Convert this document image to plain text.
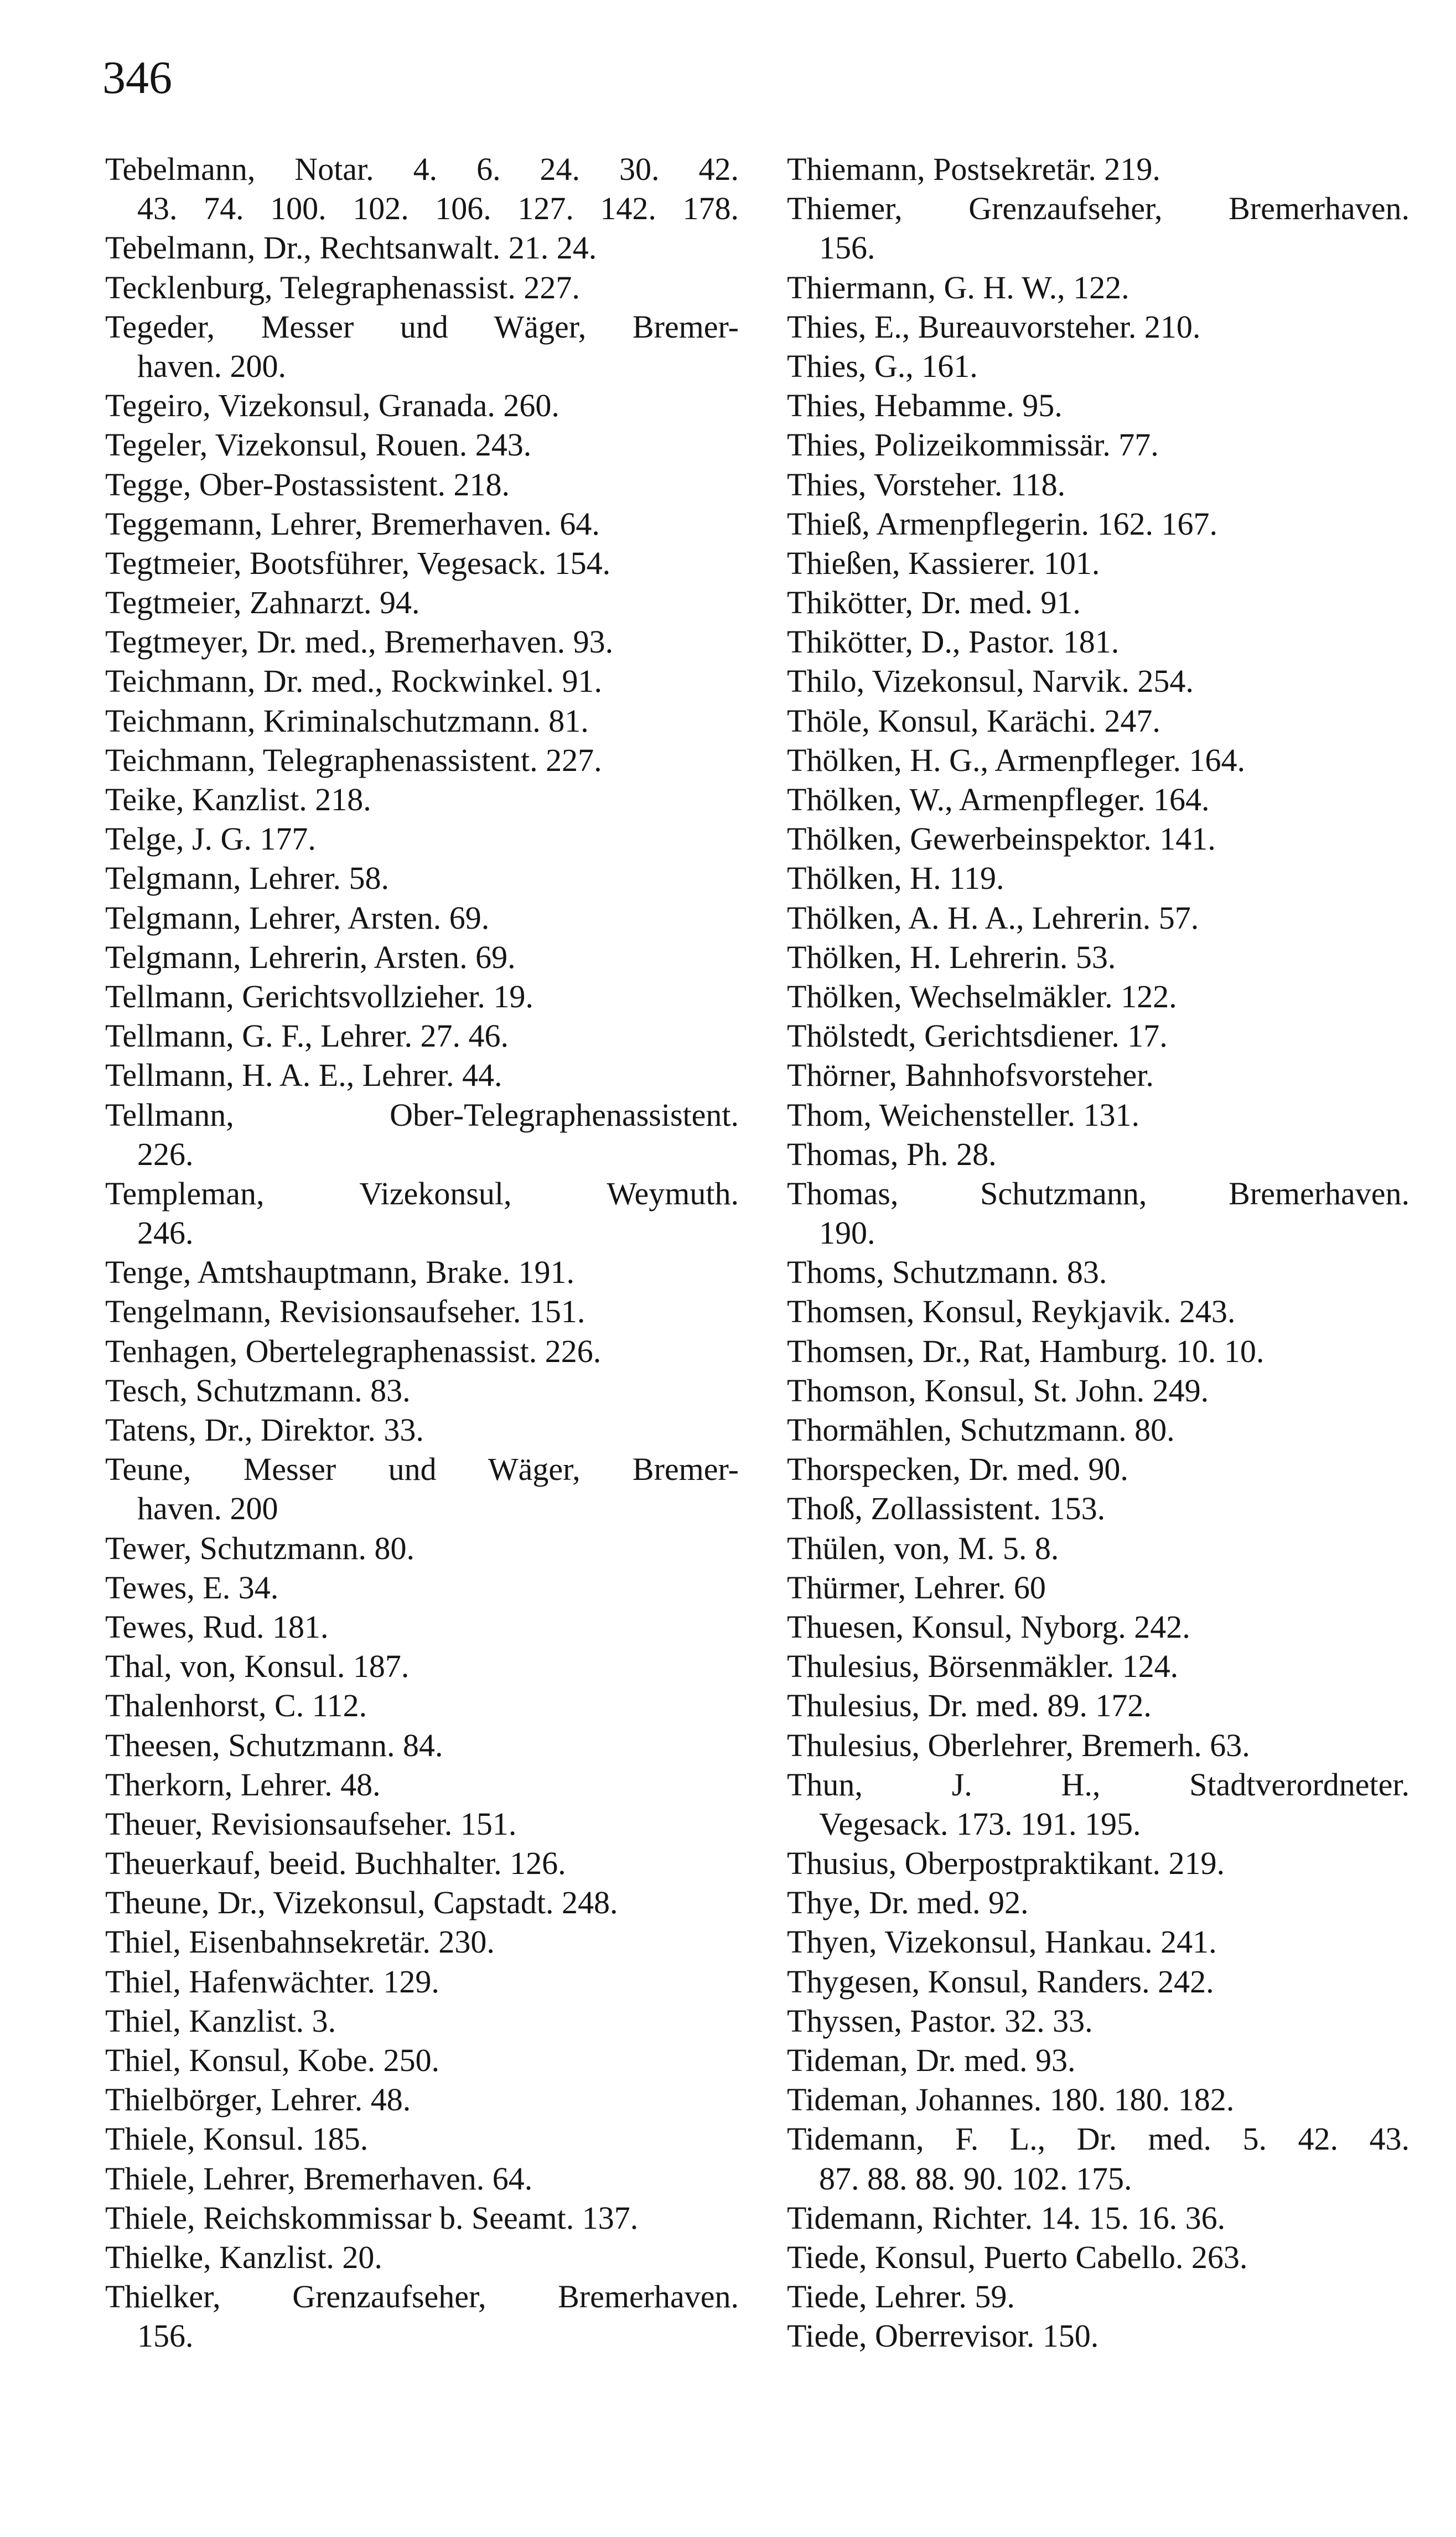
346
Tebelmann, Notar. 4. 6. 24. 30. 42.
43. 74. 100. 102. 106. 127. 142. 178.
Tebelmann, Dr., Rechtsanwalt. 21. 24.
Tecklenburg, Telegraphenassist. 227.
Tegeder, Messer und Wäger, Bremer-
haven. 200.
Tegeiro, Vizekonsul, Granada. 260.
Tegeler, Vizekonsul, Rouen. 243.
Tegge, Ober-Postassistent. 218.
Teggemann, Lehrer, Bremerhaven. 64.
Tegtmeier, Bootsführer, Vegesack. 154.
Tegtmeier, Zahnarzt. 94.
Tegtmeyer, Dr. med., Bremerhaven. 93.
Teichmann, Dr. med., Rockwinkel. 91.
Teichmann, Kriminalschutzmann. 81.
Teichmann, Telegraphenassistent. 227.
Teike, Kanzlist. 218.
Telge, J. G. 177.
Telgmann, Lehrer. 58.
Telgmann, Lehrer, Arsten. 69.
Telgmann, Lehrerin, Arsten. 69.
Tellmann, Gerichtsvollzieher. 19.
Tellmann, G. F., Lehrer. 27. 46.
Tellmann, H. A. E., Lehrer. 44.
Tellmann, Ober-Telegraphenassistent.
226.
Templeman, Vizekonsul, Weymuth.
246.
Tenge, Amtshauptmann, Brake. 191.
Tengelmann, Revisionsaufseher. 151.
Tenhagen, Obertelegraphenassist. 226.
Tesch, Schutzmann. 83.
Tatens, Dr., Direktor. 33.
Teune, Messer und Wäger, Bremer-
haven. 200
Tewer, Schutzmann. 80.
Tewes, E. 34.
Tewes, Rud. 181.
Thal, von, Konsul. 187.
Thalenhorst, C. 112.
Theesen, Schutzmann. 84.
Therkorn, Lehrer. 48.
Theuer, Revisionsaufseher. 151.
Theuerkauf, beeid. Buchhalter. 126.
Theune, Dr., Vizekonsul, Capstadt. 248.
Thiel, Eisenbahnsekretär. 230.
Thiel, Hafenwächter. 129.
Thiel, Kanzlist. 3.
Thiel, Konsul, Kobe. 250.
Thielbörger, Lehrer. 48.
Thiele, Konsul. 185.
Thiele, Lehrer, Bremerhaven. 64.
Thiele, Reichskommissar b. Seeamt. 137.
Thielke, Kanzlist. 20.
Thielker, Grenzaufseher, Bremerhaven.
156.
Thiemann, Postsekretär. 219.
Thiemer, Grenzaufseher, Bremerhaven.
156.
Thiermann, G. H. W., 122.
Thies, E., Bureauvorsteher. 210.
Thies, G., 161.
Thies, Hebamme. 95.
Thies, Polizeikommissär. 77.
Thies, Vorsteher. 118.
Thieß, Armenpflegerin. 162. 167.
Thießen, Kassierer. 101.
Thikötter, Dr. med. 91.
Thikötter, D., Pastor. 181.
Thilo, Vizekonsul, Narvik. 254.
Thöle, Konsul, Karächi. 247.
Thölken, H. G., Armenpfleger. 164.
Thölken, W., Armenpfleger. 164.
Thölken, Gewerbeinspektor. 141.
Thölken, H. 119.
Thölken, A. H. A., Lehrerin. 57.
Thölken, H. Lehrerin. 53.
Thölken, Wechselmäkler. 122.
Thölstedt, Gerichtsdiener. 17.
Thörner, Bahnhofsvorsteher.
Thom, Weichensteller. 131.
Thomas, Ph. 28.
Thomas, Schutzmann, Bremerhaven.
190.
Thoms, Schutzmann. 83.
Thomsen, Konsul, Reykjavik. 243.
Thomsen, Dr., Rat, Hamburg. 10. 10.
Thomson, Konsul, St. John. 249.
Thormählen, Schutzmann. 80.
Thorspecken, Dr. med. 90.
Thoß, Zollassistent. 153.
Thülen, von, M. 5. 8.
Thürmer, Lehrer. 60
Thuesen, Konsul, Nyborg. 242.
Thulesius, Börsenmäkler. 124.
Thulesius, Dr. med. 89. 172.
Thulesius, Oberlehrer, Bremerh. 63.
Thun, J. H., Stadtverordneter.
Vegesack. 173. 191. 195.
Thusius, Oberpostpraktikant. 219.
Thye, Dr. med. 92.
Thyen, Vizekonsul, Hankau. 241.
Thygesen, Konsul, Randers. 242.
Thyssen, Pastor. 32. 33.
Tideman, Dr. med. 93.
Tideman, Johannes. 180. 180. 182.
Tidemann, F. L., Dr. med. 5. 42. 43.
87. 88. 88. 90. 102. 175.
Tidemann, Richter. 14. 15. 16. 36.
Tiede, Konsul, Puerto Cabello. 263.
Tiede, Lehrer. 59.
Tiede, Oberrevisor. 150.
